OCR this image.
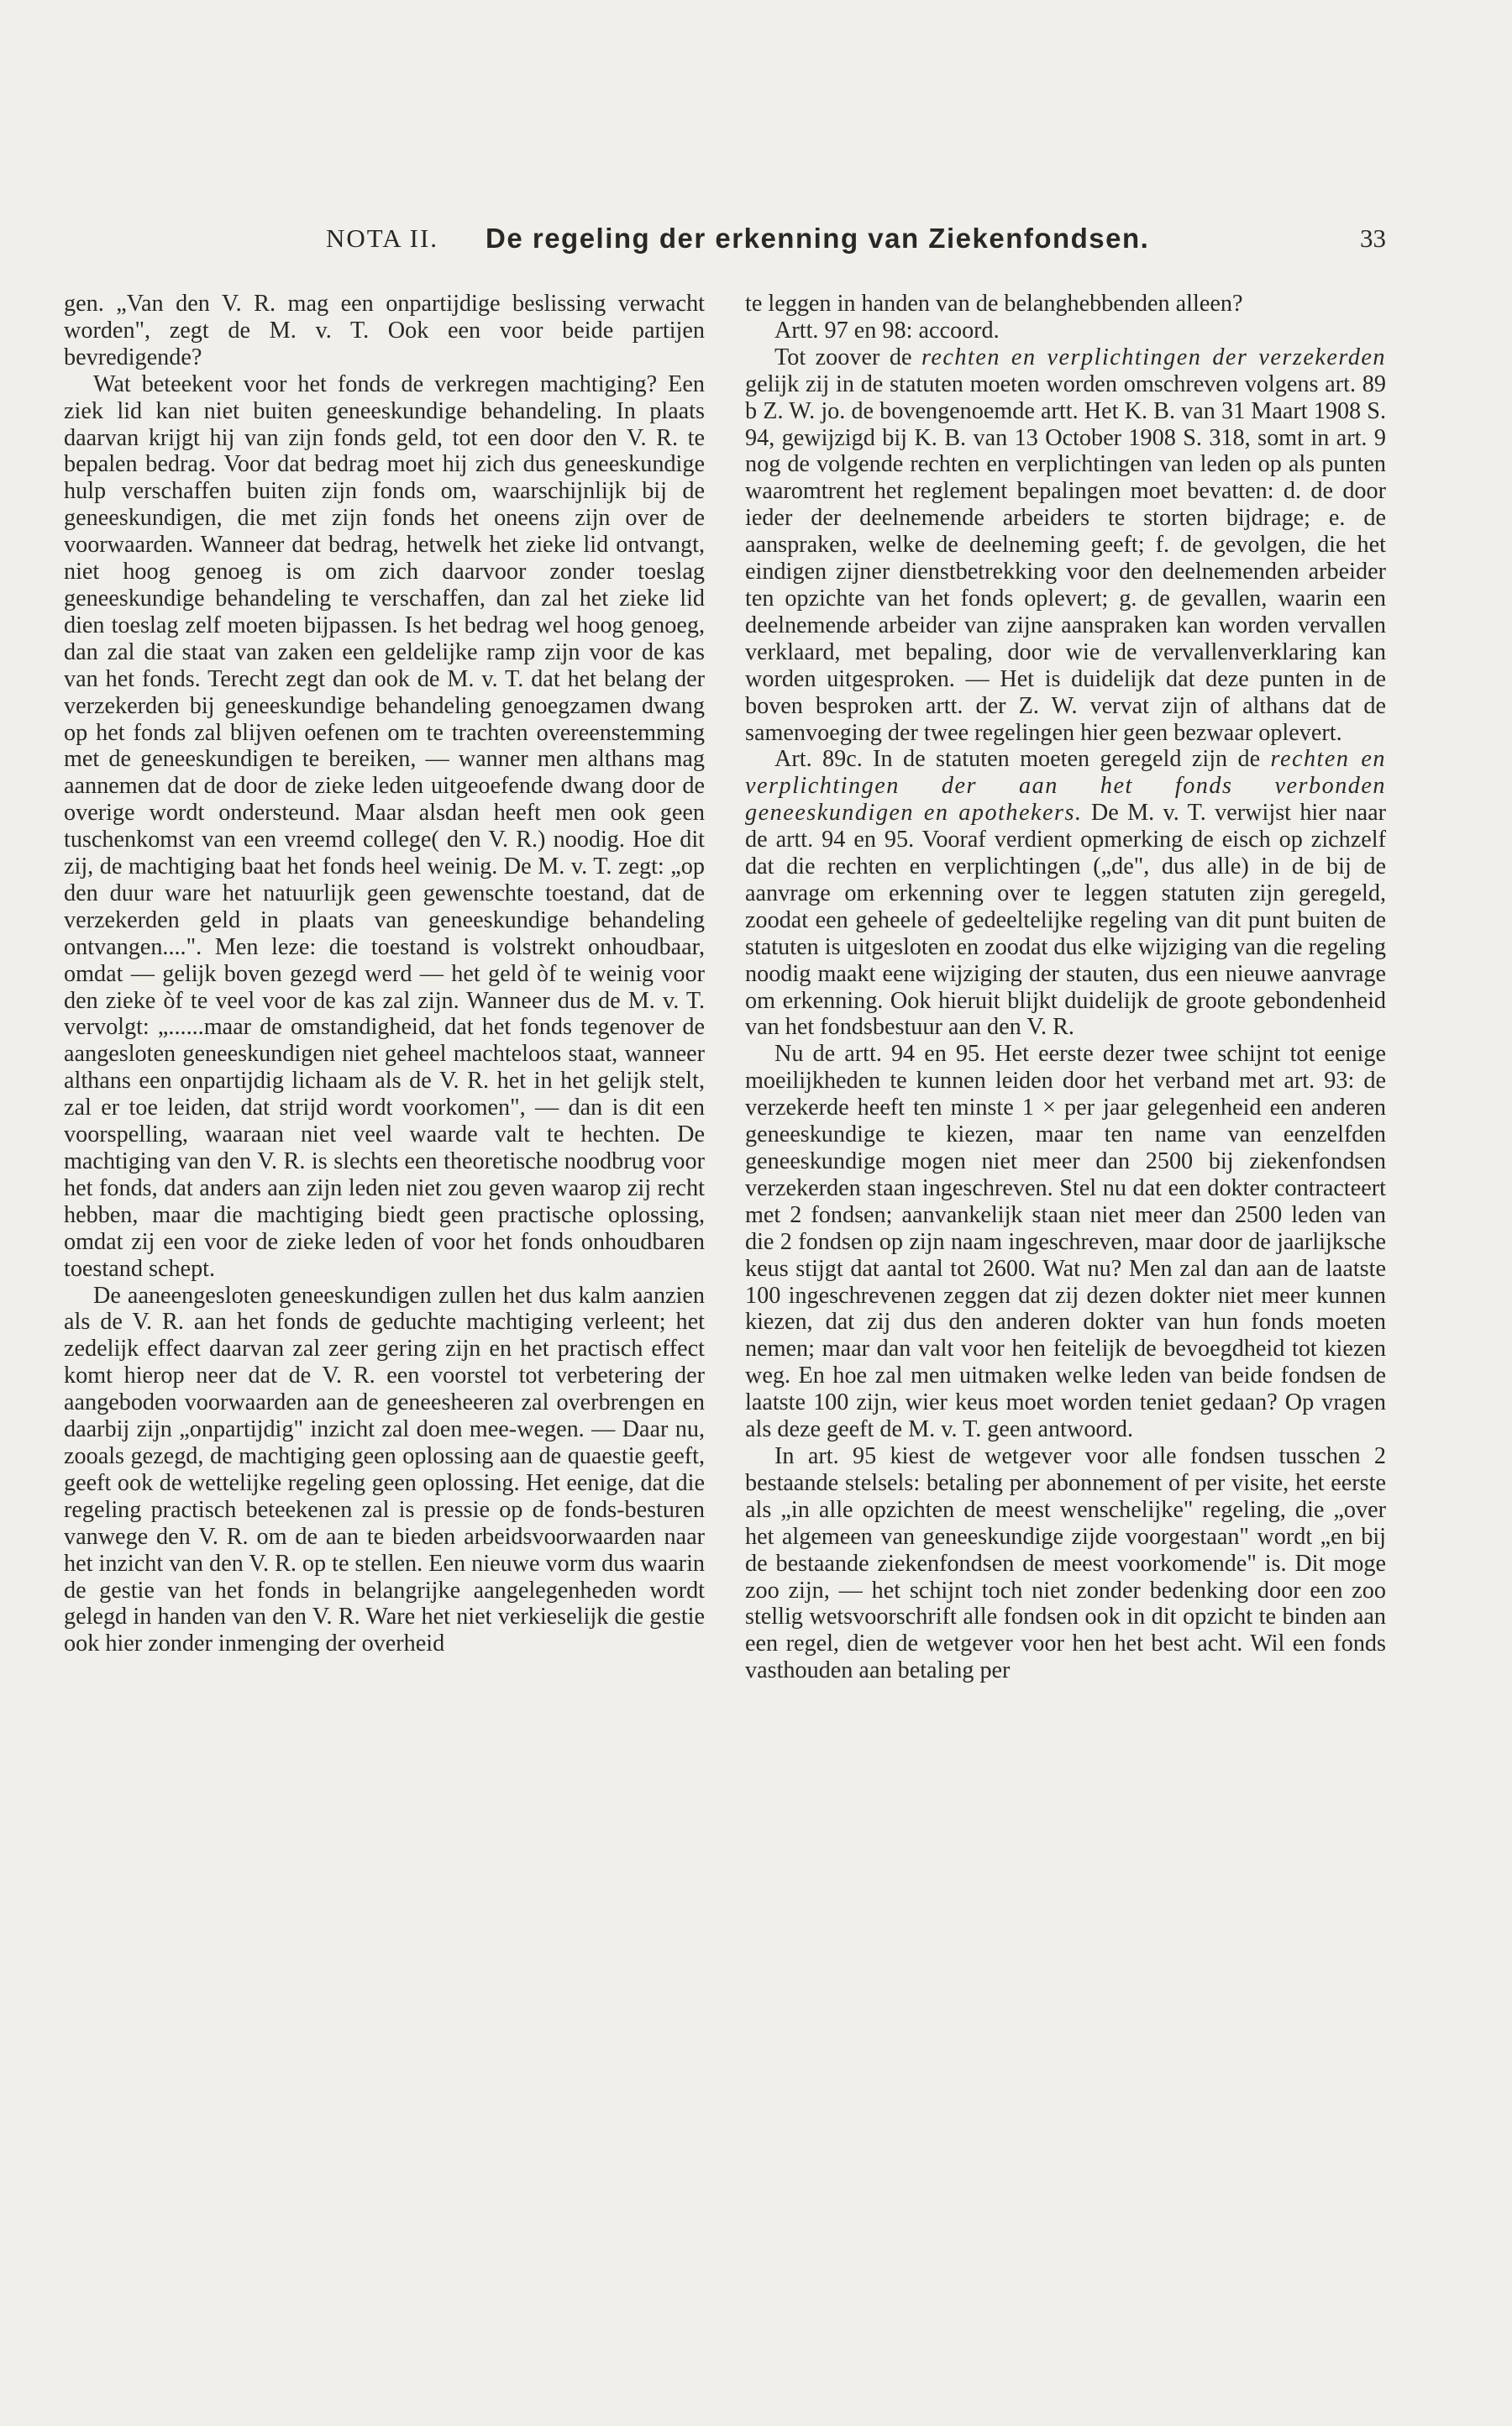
NOTA II. De regeling der erkenning van Ziekenfondsen.	33

gen. „Van den V. R. mag een onpartijdige beslissing verwacht worden", zegt de M. v. T. Ook een voor beide partijen bevredigende?

Wat beteekent voor het fonds de verkregen machtiging? Een ziek lid kan niet buiten geneeskundige behandeling. In plaats daarvan krijgt hij van zijn fonds geld, tot een door den V. R. te bepalen bedrag. Voor dat bedrag moet hij zich dus geneeskundige hulp verschaffen buiten zijn fonds om, waarschijnlijk bij de geneeskundigen, die met zijn fonds het oneens zijn over de voorwaarden. Wanneer dat bedrag, hetwelk het zieke lid ontvangt, niet hoog genoeg is om zich daarvoor zonder toeslag geneeskundige behandeling te verschaffen, dan zal het zieke lid dien toeslag zelf moeten bijpassen. Is het bedrag wel hoog genoeg, dan zal die staat van zaken een geldelijke ramp zijn voor de kas van het fonds. Terecht zegt dan ook de M. v. T. dat het belang der verzekerden bij geneeskundige behandeling genoegzamen dwang op het fonds zal blijven oefenen om te trachten overeenstemming met de geneeskundigen te bereiken, — wanner men althans mag aannemen dat de door de zieke leden uitgeoefende dwang door de overige wordt ondersteund. Maar alsdan heeft men ook geen tuschenkomst van een vreemd college( den V. R.) noodig. Hoe dit zij, de machtiging baat het fonds heel weinig. De M. v. T. zegt: „op den duur ware het natuurlijk geen gewenschte toestand, dat de verzekerden geld in plaats van geneeskundige behandeling ontvangen....". Men leze: die toestand is volstrekt onhoudbaar, omdat — gelijk boven gezegd werd — het geld òf te weinig voor den zieke òf te veel voor de kas zal zijn. Wanneer dus de M. v. T. vervolgt: „......maar de omstandigheid, dat het fonds tegenover de aangesloten geneeskundigen niet geheel machteloos staat, wanneer althans een onpartijdig lichaam als de V. R. het in het gelijk stelt, zal er toe leiden, dat strijd wordt voorkomen", — dan is dit een voorspelling, waaraan niet veel waarde valt te hechten. De machtiging van den V. R. is slechts een theoretische noodbrug voor het fonds, dat anders aan zijn leden niet zou geven waarop zij recht hebben, maar die machtiging biedt geen practische oplossing, omdat zij een voor de zieke leden of voor het fonds onhoudbaren toestand schept.

De aaneengesloten geneeskundigen zullen het dus kalm aanzien als de V. R. aan het fonds de geduchte machtiging verleent; het zedelijk effect daarvan zal zeer gering zijn en het practisch effect komt hierop neer dat de V. R. een voorstel tot verbetering der aangeboden voorwaarden aan de geneesheeren zal overbrengen en daarbij zijn „onpartijdig" inzicht zal doen mee-wegen. — Daar nu, zooals gezegd, de machtiging geen oplossing aan de quaestie geeft, geeft ook de wettelijke regeling geen oplossing. Het eenige, dat die regeling practisch beteekenen zal is pressie op de fonds-besturen vanwege den V. R. om de aan te bieden arbeidsvoorwaarden naar het inzicht van den V. R. op te stellen. Een nieuwe vorm dus waarin de gestie van het fonds in belangrijke aangelegenheden wordt gelegd in handen van den V. R. Ware het niet verkieselijk die gestie ook hier zonder inmenging der overheid

te leggen in handen van de belanghebbenden alleen?

Artt. 97 en 98: accoord.

Tot zoover de rechten en verplichtingen der verzekerden gelijk zij in de statuten moeten worden omschreven volgens art. 89 b Z. W. jo. de bovengenoemde artt. Het K. B. van 31 Maart 1908 S. 94, gewijzigd bij K. B. van 13 October 1908 S. 318, somt in art. 9 nog de volgende rechten en verplichtingen van leden op als punten waaromtrent het reglement bepalingen moet bevatten: d. de door ieder der deelnemende arbeiders te storten bijdrage; e. de aanspraken, welke de deelneming geeft; f. de gevolgen, die het eindigen zijner dienstbetrekking voor den deelnemenden arbeider ten opzichte van het fonds oplevert; g. de gevallen, waarin een deelnemende arbeider van zijne aanspraken kan worden vervallen verklaard, met bepaling, door wie de vervallenverklaring kan worden uitgesproken. — Het is duidelijk dat deze punten in de boven besproken artt. der Z. W. vervat zijn of althans dat de samenvoeging der twee regelingen hier geen bezwaar oplevert.

Art. 89c. In de statuten moeten geregeld zijn de rechten en verplichtingen der aan het fonds verbonden geneeskundigen en apothekers. De M. v. T. verwijst hier naar de artt. 94 en 95. Vooraf verdient opmerking de eisch op zichzelf dat die rechten en verplichtingen („de", dus alle) in de bij de aanvrage om erkenning over te leggen statuten zijn geregeld, zoodat een geheele of gedeeltelijke regeling van dit punt buiten de statuten is uitgesloten en zoodat dus elke wijziging van die regeling noodig maakt eene wijziging der stauten, dus een nieuwe aanvrage om erkenning. Ook hieruit blijkt duidelijk de groote gebondenheid van het fondsbestuur aan den V. R.

Nu de artt. 94 en 95. Het eerste dezer twee schijnt tot eenige moeilijkheden te kunnen leiden door het verband met art. 93: de verzekerde heeft ten minste 1 × per jaar gelegenheid een anderen geneeskundige te kiezen, maar ten name van eenzelfden geneeskundige mogen niet meer dan 2500 bij ziekenfondsen verzekerden staan ingeschreven. Stel nu dat een dokter contracteert met 2 fondsen; aanvankelijk staan niet meer dan 2500 leden van die 2 fondsen op zijn naam ingeschreven, maar door de jaarlijksche keus stijgt dat aantal tot 2600. Wat nu? Men zal dan aan de laatste 100 ingeschrevenen zeggen dat zij dezen dokter niet meer kunnen kiezen, dat zij dus den anderen dokter van hun fonds moeten nemen; maar dan valt voor hen feitelijk de bevoegdheid tot kiezen weg. En hoe zal men uitmaken welke leden van beide fondsen de laatste 100 zijn, wier keus moet worden teniet gedaan? Op vragen als deze geeft de M. v. T. geen antwoord.

In art. 95 kiest de wetgever voor alle fondsen tusschen 2 bestaande stelsels: betaling per abonnement of per visite, het eerste als „in alle opzichten de meest wenschelijke" regeling, die „over het algemeen van geneeskundige zijde voorgestaan" wordt „en bij de bestaande ziekenfondsen de meest voorkomende" is. Dit moge zoo zijn, — het schijnt toch niet zonder bedenking door een zoo stellig wetsvoorschrift alle fondsen ook in dit opzicht te binden aan een regel, dien de wetgever voor hen het best acht. Wil een fonds vasthouden aan betaling per
